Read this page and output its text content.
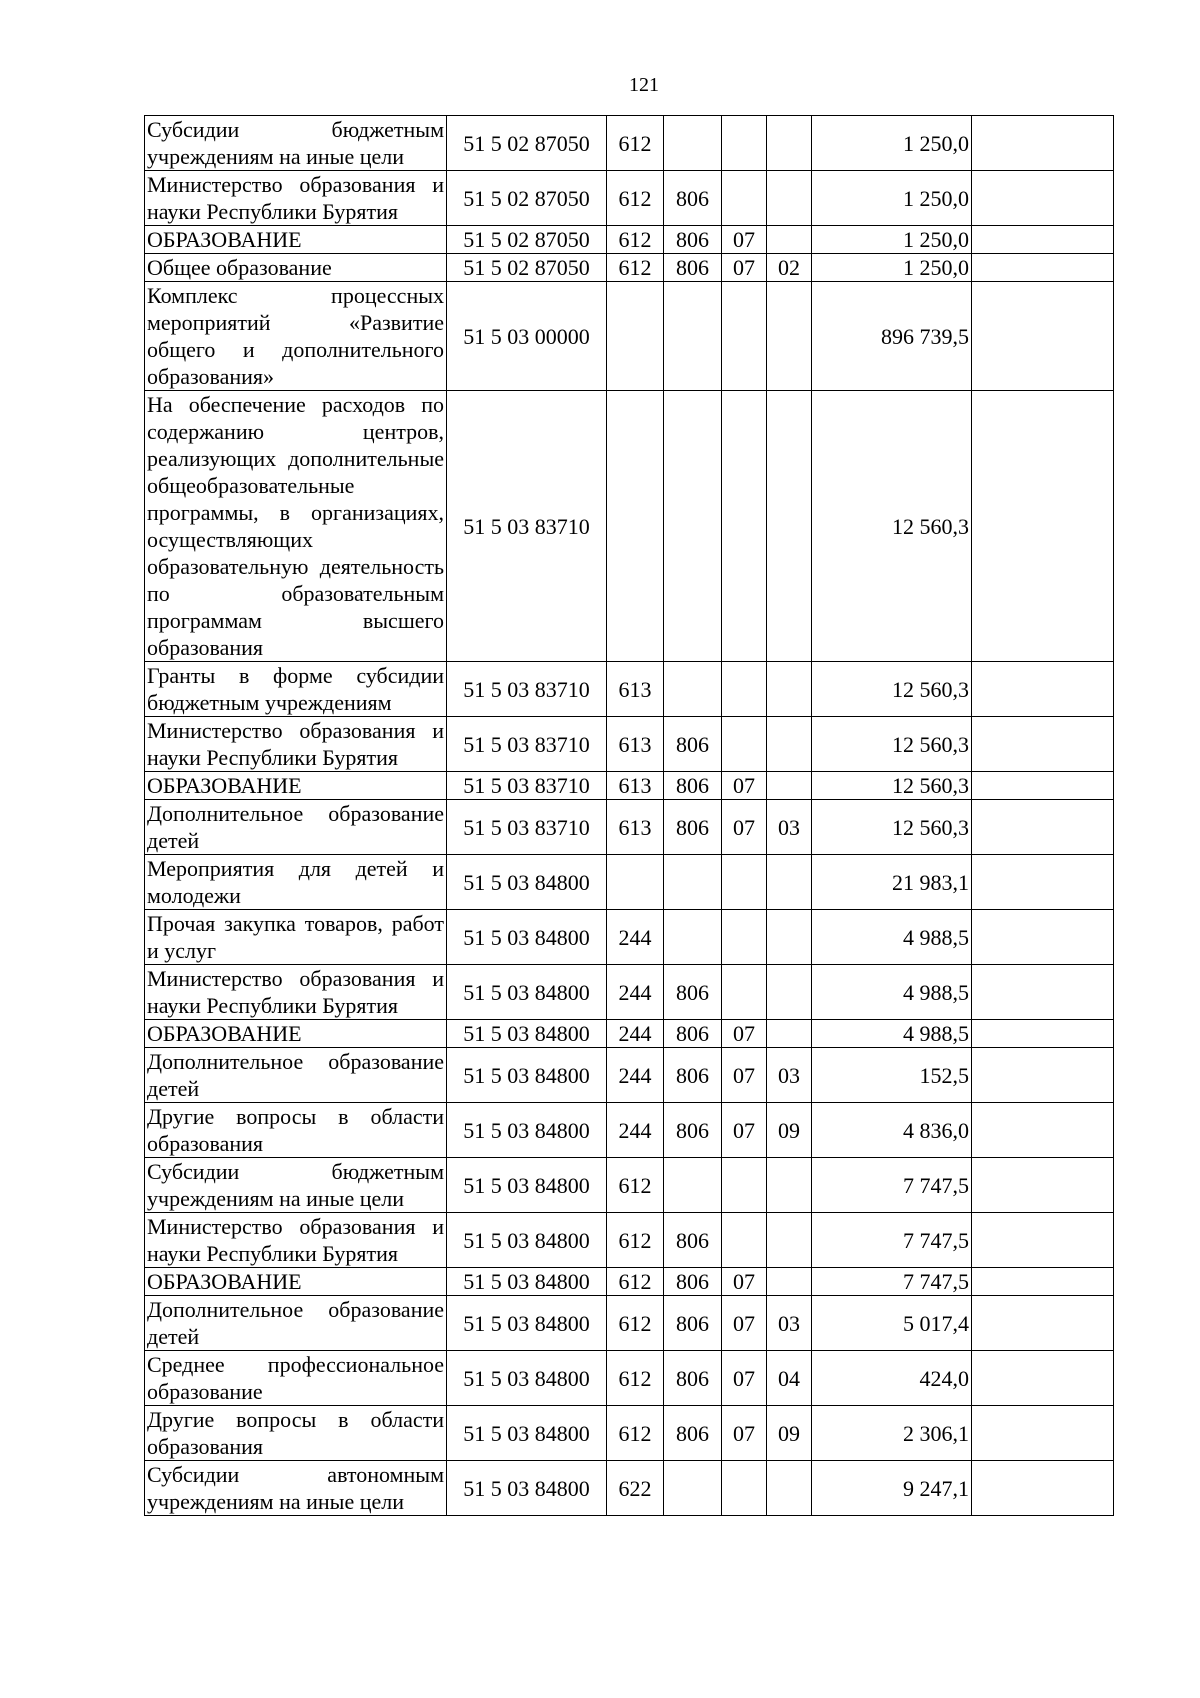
121
Субсидии бюджетным учреждениям на иные цели	51 5 02 87050	612				1 250,0	
Министерство образования и науки Республики Бурятия	51 5 02 87050	612	806			1 250,0	
ОБРАЗОВАНИЕ	51 5 02 87050	612	806	07		1 250,0	
Общее образование	51 5 02 87050	612	806	07	02	1 250,0	
Комплекс процессных мероприятий «Развитие общего и дополнительного образования»	51 5 03 00000					896 739,5	
На обеспечение расходов по содержанию центров, реализующих дополнительные общеобразовательные программы, в организациях, осуществляющих образовательную деятельность по образовательным программам высшего образования	51 5 03 83710					12 560,3	
Гранты в форме субсидии бюджетным учреждениям	51 5 03 83710	613				12 560,3	
Министерство образования и науки Республики Бурятия	51 5 03 83710	613	806			12 560,3	
ОБРАЗОВАНИЕ	51 5 03 83710	613	806	07		12 560,3	
Дополнительное образование детей	51 5 03 83710	613	806	07	03	12 560,3	
Мероприятия для детей и молодежи	51 5 03 84800					21 983,1	
Прочая закупка товаров, работ и услуг	51 5 03 84800	244				4 988,5	
Министерство образования и науки Республики Бурятия	51 5 03 84800	244	806			4 988,5	
ОБРАЗОВАНИЕ	51 5 03 84800	244	806	07		4 988,5	
Дополнительное образование детей	51 5 03 84800	244	806	07	03	152,5	
Другие вопросы в области образования	51 5 03 84800	244	806	07	09	4 836,0	
Субсидии бюджетным учреждениям на иные цели	51 5 03 84800	612				7 747,5	
Министерство образования и науки Республики Бурятия	51 5 03 84800	612	806			7 747,5	
ОБРАЗОВАНИЕ	51 5 03 84800	612	806	07		7 747,5	
Дополнительное образование детей	51 5 03 84800	612	806	07	03	5 017,4	
Среднее профессиональное образование	51 5 03 84800	612	806	07	04	424,0	
Другие вопросы в области образования	51 5 03 84800	612	806	07	09	2 306,1	
Субсидии автономным учреждениям на иные цели	51 5 03 84800	622				9 247,1	
